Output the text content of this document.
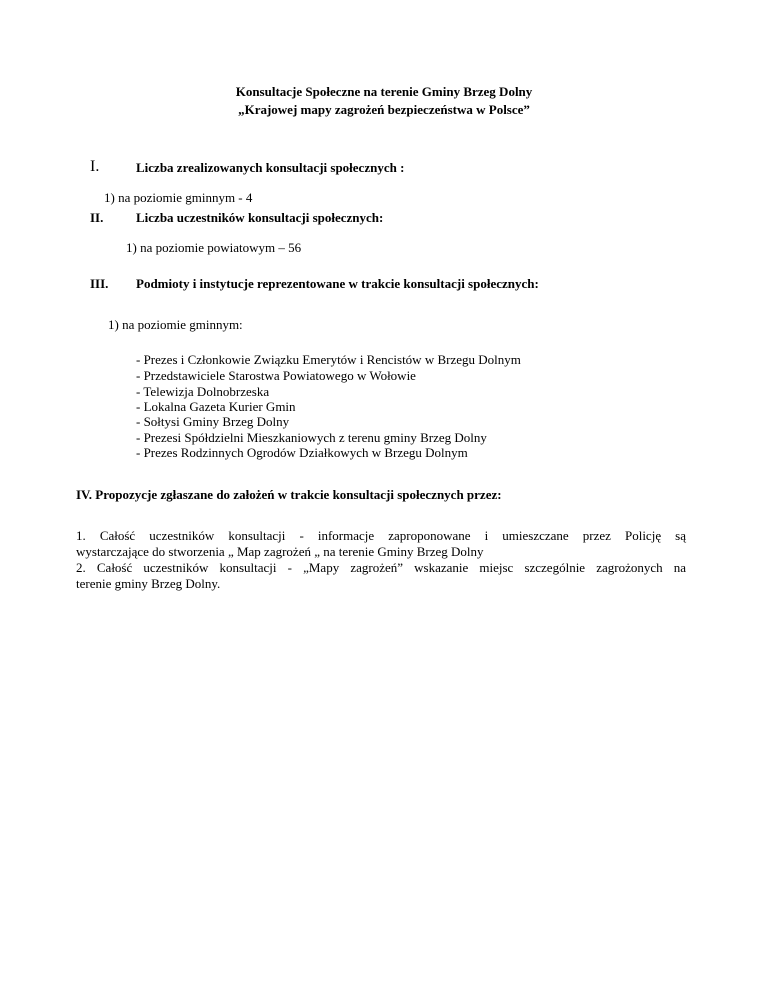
Konsultacje Społeczne na terenie Gminy Brzeg Dolny
„Krajowej mapy zagrożeń bezpieczeństwa w Polsce”
I.	Liczba zrealizowanych konsultacji społecznych :
1) na poziomie gminnym - 4
II.	Liczba uczestników konsultacji społecznych:
1) na poziomie powiatowym – 56
III. Podmioty i instytucje reprezentowane w trakcie konsultacji społecznych:
1) na poziomie gminnym:
- Prezes i Członkowie Związku Emerytów i Rencistów w Brzegu Dolnym
- Przedstawiciele Starostwa Powiatowego w Wołowie
- Telewizja Dolnobrzeska
- Lokalna Gazeta Kurier Gmin
- Sołtysi Gminy Brzeg Dolny
- Prezesi Spółdzielni Mieszkaniowych z terenu gminy Brzeg Dolny
- Prezes Rodzinnych Ogrodów Działkowych w Brzegu Dolnym
IV. Propozycje zgłaszane do założeń w trakcie konsultacji społecznych przez:
1. Całość uczestników konsultacji - informacje zaproponowane i umieszczane przez Policję są
wystarczające do stworzenia „ Map zagrożeń „ na terenie Gminy Brzeg Dolny
2. Całość uczestników konsultacji - „Mapy zagrożeń” wskazanie miejsc szczególnie zagrożonych na
terenie gminy Brzeg Dolny.
